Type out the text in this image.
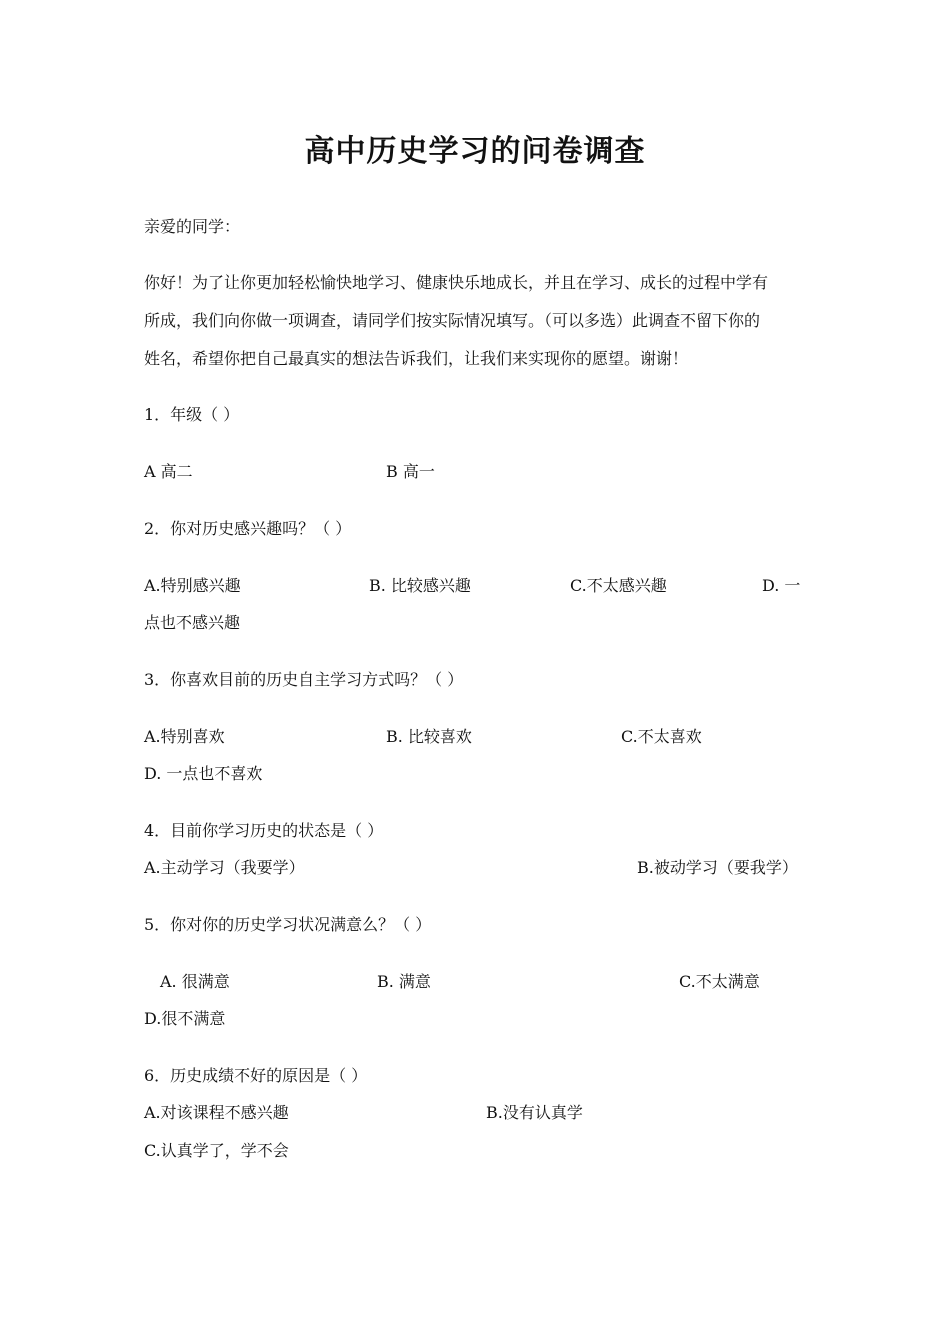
高中历史学习的问卷调查
亲爱的同学：
你好！为了让你更加轻松愉快地学习、健康快乐地成长，并且在学习、成长的过程中学有
所成，我们向你做一项调查，请同学们按实际情况填写。（可以多选）此调查不留下你的
姓名，希望你把自己最真实的想法告诉我们，让我们来实现你的愿望。谢谢！
1．年级（ ）
A 高二	B 高一
2．你对历史感兴趣吗？（ ）
A.特别感兴趣	B. 比较感兴趣	C.不太感兴趣	D. 一
点也不感兴趣
3．你喜欢目前的历史自主学习方式吗？（ ）
A.特别喜欢	B. 比较喜欢	C.不太喜欢
D. 一点也不喜欢
4．目前你学习历史的状态是（ ）
A.主动学习（我要学）	B.被动学习（要我学）
5．你对你的历史学习状况满意么？（ ）
A. 很满意	B. 满意	C.不太满意
D.很不满意
6．历史成绩不好的原因是（ ）
A.对该课程不感兴趣	B.没有认真学
C.认真学了，学不会
